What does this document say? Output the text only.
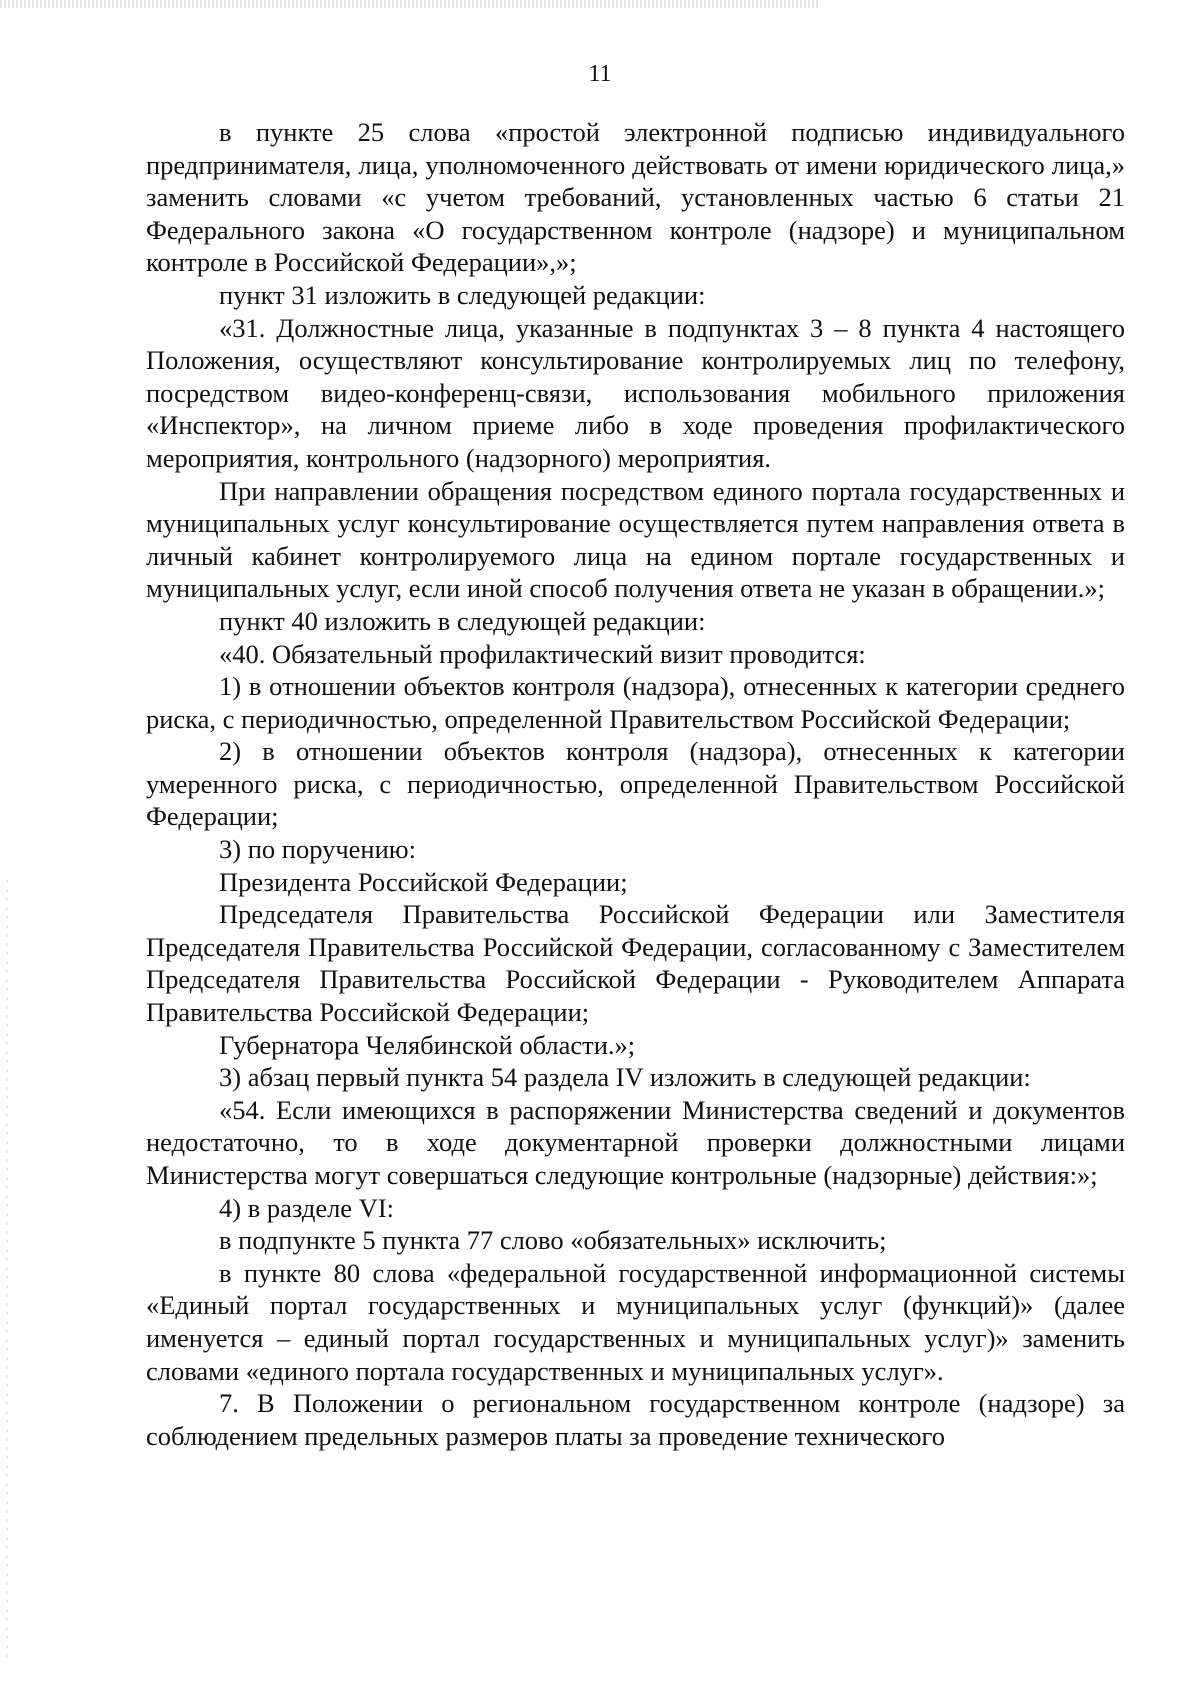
11

в пункте 25 слова «простой электронной подписью индивидуального предпринимателя, лица, уполномоченного действовать от имени юридического лица,» заменить словами «с учетом требований, установленных частью 6 статьи 21 Федерального закона «О государственном контроле (надзоре) и муниципальном контроле в Российской Федерации»,»;

пункт 31 изложить в следующей редакции:

«31. Должностные лица, указанные в подпунктах 3 – 8 пункта 4 настоящего Положения, осуществляют консультирование контролируемых лиц по телефону, посредством видео-конференц-связи, использования мобильного приложения «Инспектор», на личном приеме либо в ходе проведения профилактического мероприятия, контрольного (надзорного) мероприятия.

При направлении обращения посредством единого портала государственных и муниципальных услуг консультирование осуществляется путем направления ответа в личный кабинет контролируемого лица на едином портале государственных и муниципальных услуг, если иной способ получения ответа не указан в обращении.»;

пункт 40 изложить в следующей редакции:

«40. Обязательный профилактический визит проводится:

1) в отношении объектов контроля (надзора), отнесенных к категории среднего риска, с периодичностью, определенной Правительством Российской Федерации;

2) в отношении объектов контроля (надзора), отнесенных к категории умеренного риска, с периодичностью, определенной Правительством Российской Федерации;

3) по поручению:

Президента Российской Федерации;

Председателя Правительства Российской Федерации или Заместителя Председателя Правительства Российской Федерации, согласованному с Заместителем Председателя Правительства Российской Федерации - Руководителем Аппарата Правительства Российской Федерации;

Губернатора Челябинской области.»;

3) абзац первый пункта 54 раздела IV изложить в следующей редакции:

«54. Если имеющихся в распоряжении Министерства сведений и документов недостаточно, то в ходе документарной проверки должностными лицами Министерства могут совершаться следующие контрольные (надзорные) действия:»;

4) в разделе VI:

в подпункте 5 пункта 77 слово «обязательных» исключить;

в пункте 80 слова «федеральной государственной информационной системы «Единый портал государственных и муниципальных услуг (функций)» (далее именуется – единый портал государственных и муниципальных услуг)» заменить словами «единого портала государственных и муниципальных услуг».

7. В Положении о региональном государственном контроле (надзоре) за соблюдением предельных размеров платы за проведение технического
